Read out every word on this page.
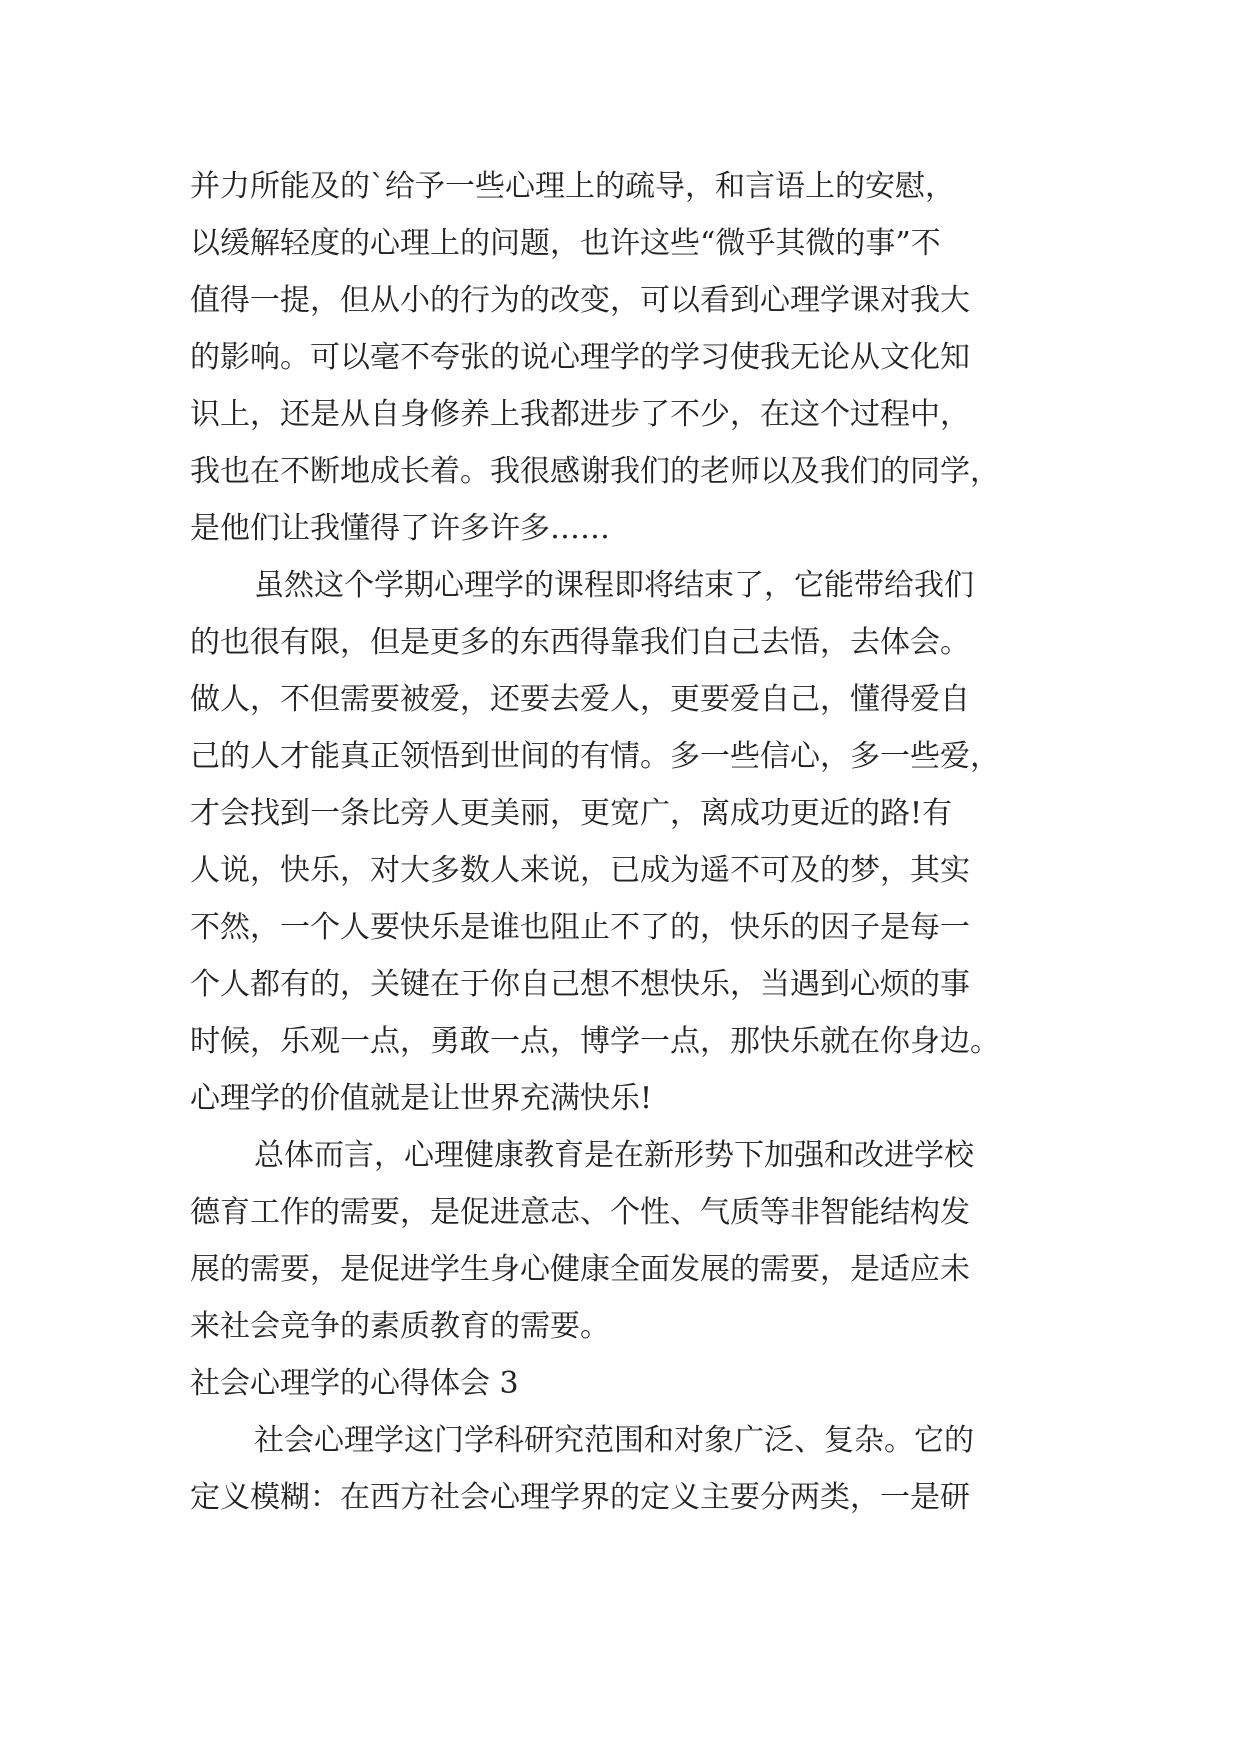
并力所能及的`给予一些心理上的疏导，和言语上的安慰，

以缓解轻度的心理上的问题，也许这些“微乎其微的事”不

值得一提，但从小的行为的改变，可以看到心理学课对我大

的影响。可以毫不夸张的说心理学的学习使我无论从文化知

识上，还是从自身修养上我都进步了不少，在这个过程中，

我也在不断地成长着。我很感谢我们的老师以及我们的同学，

是他们让我懂得了许多许多……

虽然这个学期心理学的课程即将结束了，它能带给我们

的也很有限，但是更多的东西得靠我们自己去悟，去体会。

做人，不但需要被爱，还要去爱人，更要爱自己，懂得爱自

己的人才能真正领悟到世间的有情。多一些信心，多一些爱，

才会找到一条比旁人更美丽，更宽广，离成功更近的路!有

人说，快乐，对大多数人来说，已成为遥不可及的梦，其实

不然，一个人要快乐是谁也阻止不了的，快乐的因子是每一

个人都有的，关键在于你自己想不想快乐，当遇到心烦的事

时候，乐观一点，勇敢一点，博学一点，那快乐就在你身边。

心理学的价值就是让世界充满快乐!

总体而言，心理健康教育是在新形势下加强和改进学校

德育工作的需要，是促进意志、个性、气质等非智能结构发

展的需要，是促进学生身心健康全面发展的需要，是适应未

来社会竞争的素质教育的需要。

社会心理学的心得体会 3

社会心理学这门学科研究范围和对象广泛、复杂。它的

定义模糊：在西方社会心理学界的定义主要分两类，一是研
